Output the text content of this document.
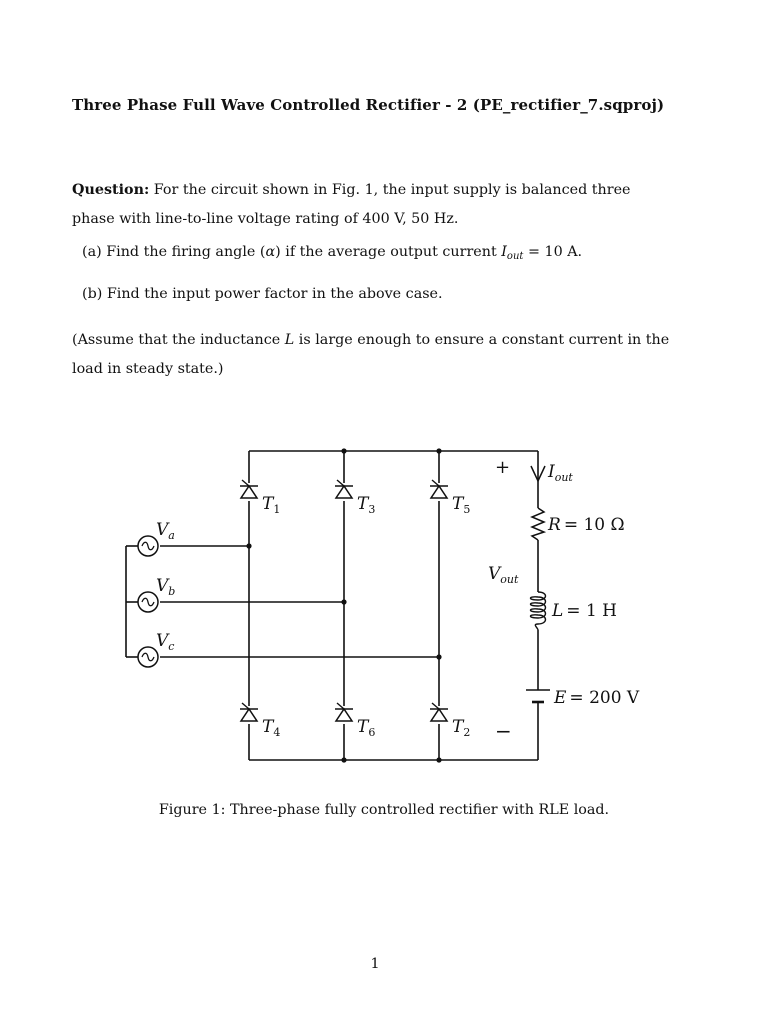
Three Phase Full Wave Controlled Rectifier - 2 (PE_rectifier_7.sqproj)
Question: For the circuit shown in Fig. 1, the input supply is balanced three phase with line-to-line voltage rating of 400 V, 50 Hz.
(a) Find the firing angle (α) if the average output current $I_{out} = 10$ A.
(b) Find the input power factor in the above case.
(Assume that the inductance L is large enough to ensure a constant current in the load in steady state.)
$T_1$	$T_3$	$T_5$
$T_4$	$T_6$	$T_2$
$V_a$
$V_b$
$V_c$
$I_{out}$
$V_{out}$
R = 10 Ω
L = 1 H
E = 200 V
+
−
Figure 1: Three-phase fully controlled rectifier with RLE load.
1
